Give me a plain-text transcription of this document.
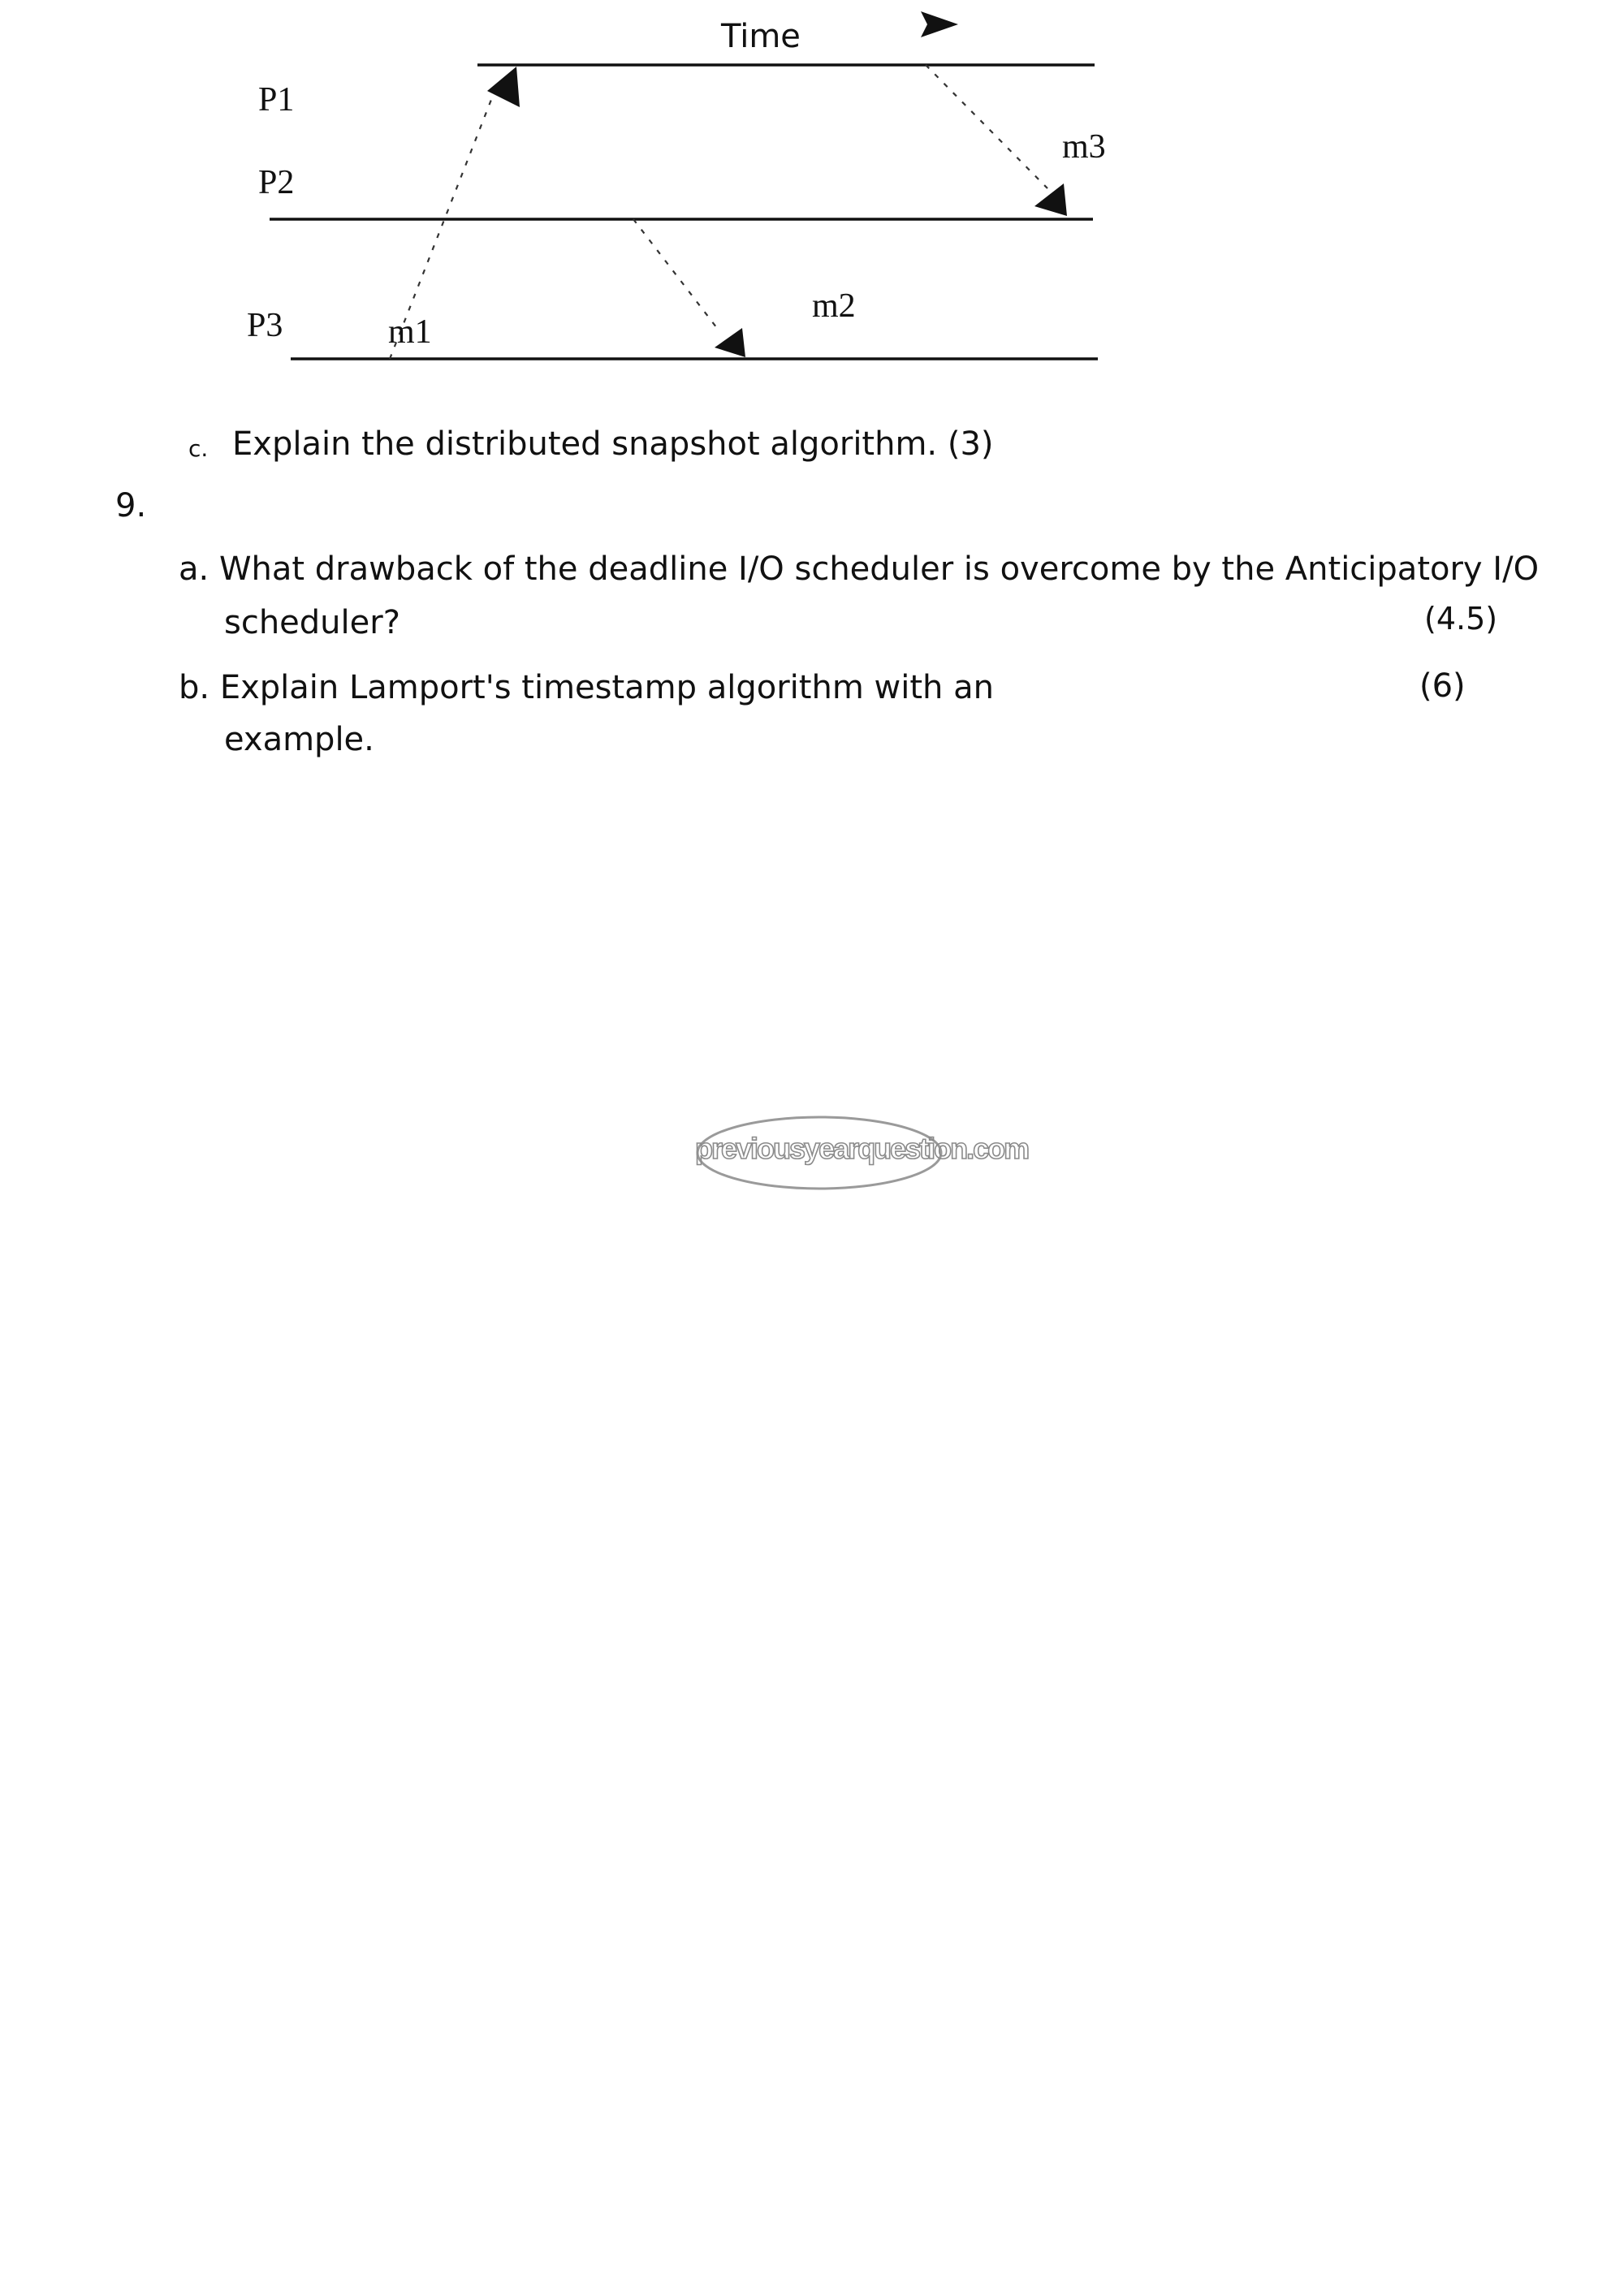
Time
P1
P2
P3	m1
m2
m3
c. Explain the distributed snapshot algorithm. (3)
9.
a. What drawback of the deadline I/O scheduler is overcome by the Anticipatory I/O
scheduler?	(4.5)
b. Explain Lamport's timestamp algorithm with an
example.
(6)
previousyearquestion.com
